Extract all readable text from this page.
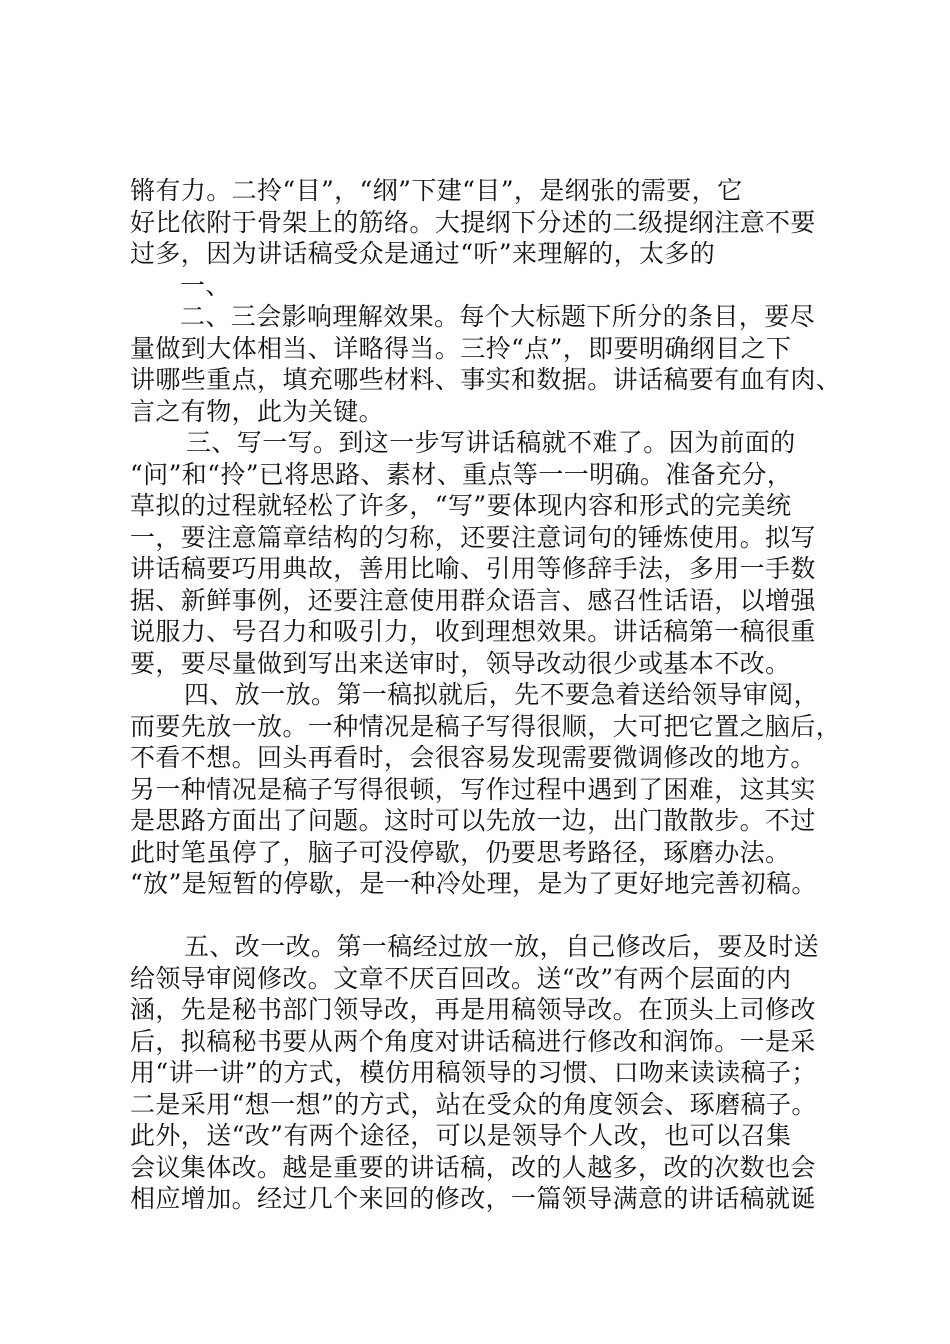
锵有力。二拎“目”，“纲”下建“目”，是纲张的需要，它
好比依附于骨架上的筋络。大提纲下分述的二级提纲注意不要
过多，因为讲话稿受众是通过“听”来理解的，太多的
一、
二、三会影响理解效果。每个大标题下所分的条目，要尽
量做到大体相当、详略得当。三拎“点”，即要明确纲目之下
讲哪些重点，填充哪些材料、事实和数据。讲话稿要有血有肉、
言之有物，此为关键。
三、写一写。到这一步写讲话稿就不难了。因为前面的
“问”和“拎”已将思路、素材、重点等一一明确。准备充分，
草拟的过程就轻松了许多，“写”要体现内容和形式的完美统
一，要注意篇章结构的匀称，还要注意词句的锤炼使用。拟写
讲话稿要巧用典故，善用比喻、引用等修辞手法，多用一手数
据、新鲜事例，还要注意使用群众语言、感召性话语，以增强
说服力、号召力和吸引力，收到理想效果。讲话稿第一稿很重
要，要尽量做到写出来送审时，领导改动很少或基本不改。
四、放一放。第一稿拟就后，先不要急着送给领导审阅，
而要先放一放。一种情况是稿子写得很顺，大可把它置之脑后，
不看不想。回头再看时，会很容易发现需要微调修改的地方。
另一种情况是稿子写得很顿，写作过程中遇到了困难，这其实
是思路方面出了问题。这时可以先放一边，出门散散步。不过
此时笔虽停了，脑子可没停歇，仍要思考路径，琢磨办法。
“放”是短暂的停歇，是一种冷处理，是为了更好地完善初稿。
五、改一改。第一稿经过放一放，自己修改后，要及时送
给领导审阅修改。文章不厌百回改。送“改”有两个层面的内
涵，先是秘书部门领导改，再是用稿领导改。在顶头上司修改
后，拟稿秘书要从两个角度对讲话稿进行修改和润饰。一是采
用“讲一讲”的方式，模仿用稿领导的习惯、口吻来读读稿子；
二是采用“想一想”的方式，站在受众的角度领会、琢磨稿子。
此外，送“改”有两个途径，可以是领导个人改，也可以召集
会议集体改。越是重要的讲话稿，改的人越多，改的次数也会
相应增加。经过几个来回的修改，一篇领导满意的讲话稿就诞
